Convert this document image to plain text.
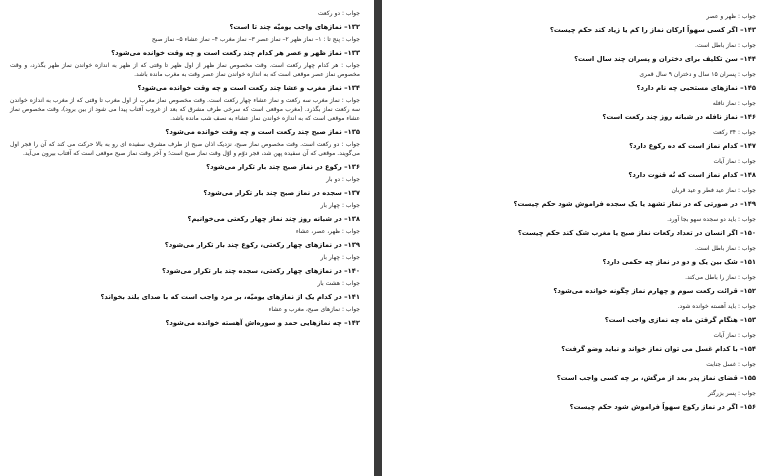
جواب : دو رکعت
۱۳۲– نمازهای واجب یومیّه چند تا است؟
جواب : پنج تا : ۱– نماز ظهر ۲– نماز عصر ۳– نماز مغرب ۴– نماز عشاء ۵– نماز صبح
۱۳۳– نماز ظهر و عصر هر کدام چند رکعت است و چه وقت خوانده می‌شود؟
جواب : هر کدام چهار رکعت است. وقت مخصوص نماز ظهر از اول ظهر تا وقتی که از ظهر به اندازه خواندن نماز ظهر بگذرد، و وقت مخصوص نماز عصر موقعی است که به اندازه خواندن نماز عصر وقت به مغرب مانده باشد.
۱۳۴– نماز مغرب و عشا چند رکعت است و چه وقت خوانده می‌شود؟
جواب : نماز مغرب سه رکعت و نماز عشاء چهار رکعت است. وقت مخصوص نماز مغرب از اول مغرب تا وقتی که از مغرب به اندازه خواندن سه رکعت نماز بگذرد. (مغرب موقعی است که سرخی طرف مشرق که بعد از غروب آفتاب پیدا می شود از بین برود)، وقت مخصوص نماز عشاء موقعی است که به اندازه خواندن نماز عشاء به نصف شب مانده باشد.
۱۳۵– نماز صبح چند رکعت است و چه وقت خوانده می‌شود؟
جواب : دو رکعت است. وقت مخصوص نماز صبح، نزدیک اذان صبح از طرف مشرق، سفیده ای رو به بالا حرکت می کند که آن را فجر اول می‌گویند. موقعی که آن سفیده پهن شد، فجر دوّم و اوّل وقت نماز صبح است؛ و آخر وقت نماز صبح موقعی است که آفتاب بیرون می‌آید.
۱۳۶– رکوع در نماز صبح چند بار تکرار می‌شود؟
جواب : دو بار
۱۳۷– سجده در نماز صبح چند بار تکرار می‌شود؟
جواب : چهار بار
۱۳۸– در شبانه روز چند نماز چهار رکعتی می‌خوانیم؟
جواب : ظهر، عصر، عشاء
۱۳۹– در نمازهای چهار رکعتی، رکوع چند بار تکرار می‌شود؟
جواب : چهار بار
۱۴۰– در نمازهای چهار رکعتی، سجده چند بار تکرار می‌شود؟
جواب : هشت بار
۱۴۱– در کدام یک از نمازهای یومیّه، بر مرد واجب است که با صدای بلند بخواند؟
جواب : نمازهای صبح، مغرب و عشاء
۱۴۲– چه نمازهایی حمد و سوره‌اش آهسته خوانده می‌شود؟
جواب : ظهر و عصر
۱۴۳– اگر کسی سهواً ارکان نماز را کم یا زیاد کند حکم چیست؟
جواب : نماز باطل است.
۱۴۴– سن تکلیف برای دختران و پسران چند سال است؟
جواب : پسران ۱۵ سال و دختران ۹ سال قمری
۱۴۵– نمازهای مستحبی چه نام دارد؟
جواب : نماز نافله
۱۴۶– نماز نافله در شبانه روز چند رکعت است؟
جواب : ۳۴ رکعت
۱۴۷– کدام نماز است که ده رکوع دارد؟
جواب : نماز آیات
۱۴۸– کدام نماز است که نُه قنوت دارد؟
جواب : نماز عید فطر و عید قربان
۱۴۹– در صورتی که در نماز تشهد یا یک سجده فراموش شود حکم چیست؟
جواب : باید دو سجده سهو بجا آورد.
۱۵۰– اگر انسان در تعداد رکعات نماز صبح یا مغرب شک کند حکم چیست؟
جواب : نماز باطل است.
۱۵۱– شک بین یک و دو در نماز چه حکمی دارد؟
جواب : نماز را باطل می‌کند.
۱۵۲– قرائت رکعت سوم و چهارم نماز چگونه خوانده می‌شود؟
جواب : باید آهسته خوانده شود.
۱۵۳– هنگام گرفتن ماه چه نمازی واجب است؟
جواب : نماز آیات
۱۵۴– با کدام غسل می توان نماز خواند و نباید وضو گرفت؟
جواب : غسل جنابت
۱۵۵– قضای نماز پدر بعد از مرگش، بر چه کسی واجب است؟
جواب : پسر بزرگتر
۱۵۶– اگر در نماز رکوع سهواً فراموش شود حکم چیست؟
